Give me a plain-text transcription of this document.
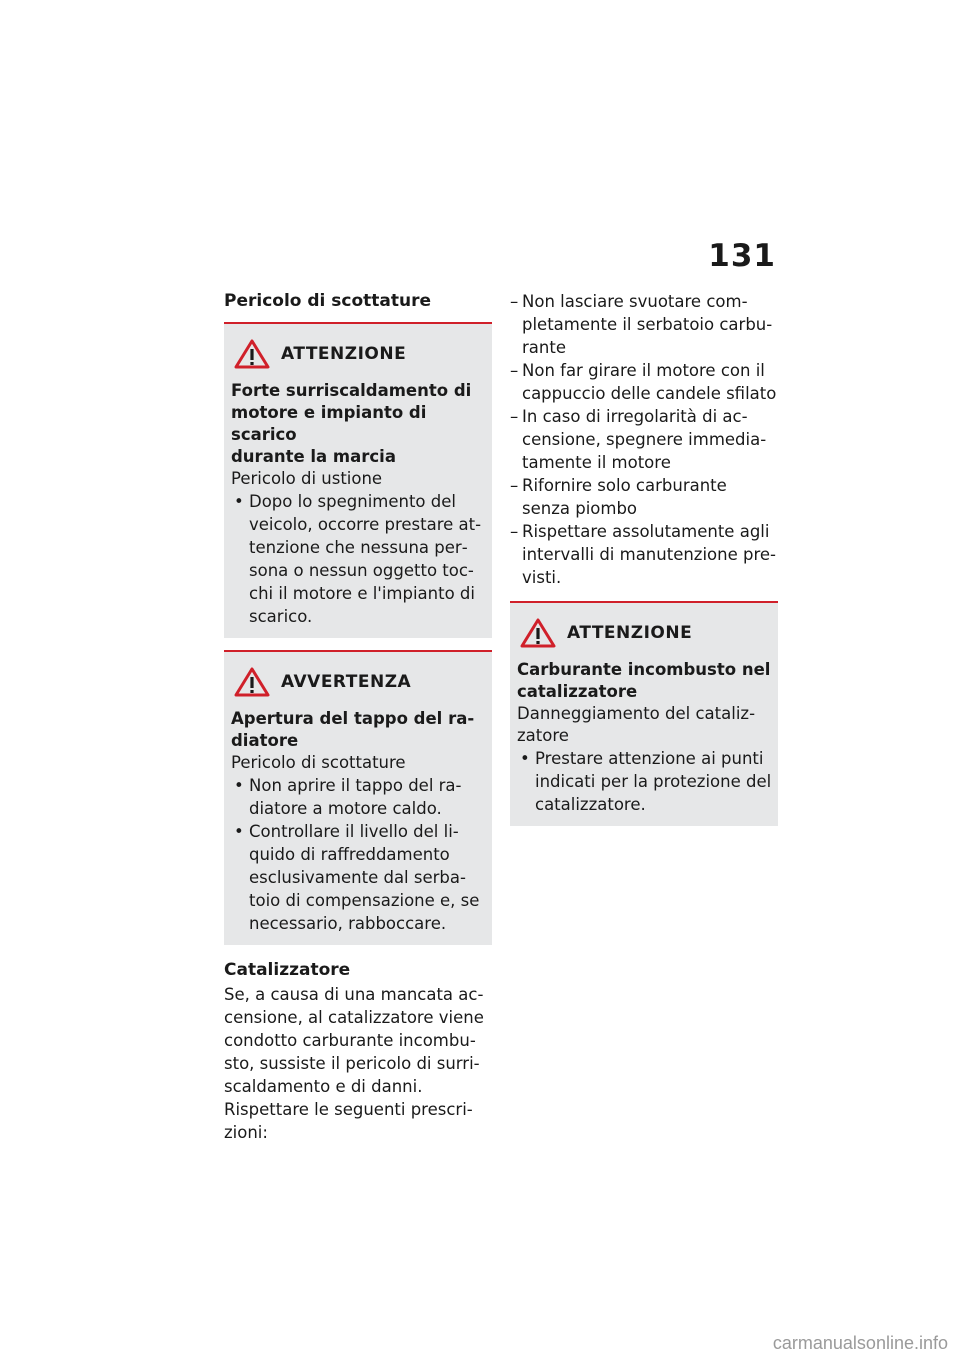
131
Pericolo di scottature
ATTENZIONE
Forte surriscaldamento di
motore e impianto di scarico
durante la marcia
Pericolo di ustione
• Dopo lo spegnimento del veicolo, occorre prestare attenzione che nessuna persona o nessun oggetto tocchi il motore e l'impianto di scarico.
AVVERTENZA
Apertura del tappo del ra-
diatore
Pericolo di scottature
• Non aprire il tappo del radiatore a motore caldo.
• Controllare il livello del liquido di raffreddamento esclusivamente dal serbatoio di compensazione e, se necessario, rabboccare.
Catalizzatore
Se, a causa di una mancata accensione, al catalizzatore viene condotto carburante incombusto, sussiste il pericolo di surriscaldamento e di danni.
Rispettare le seguenti prescrizioni:
– Non lasciare svuotare completamente il serbatoio carburante
– Non far girare il motore con il cappuccio delle candele sfilato
– In caso di irregolarità di accensione, spegnere immediatamente il motore
– Rifornire solo carburante senza piombo
– Rispettare assolutamente agli intervalli di manutenzione previsti.
ATTENZIONE
Carburante incombusto nel
catalizzatore
Danneggiamento del catalizzatore
• Prestare attenzione ai punti indicati per la protezione del catalizzatore.
carmanualsonline.info
